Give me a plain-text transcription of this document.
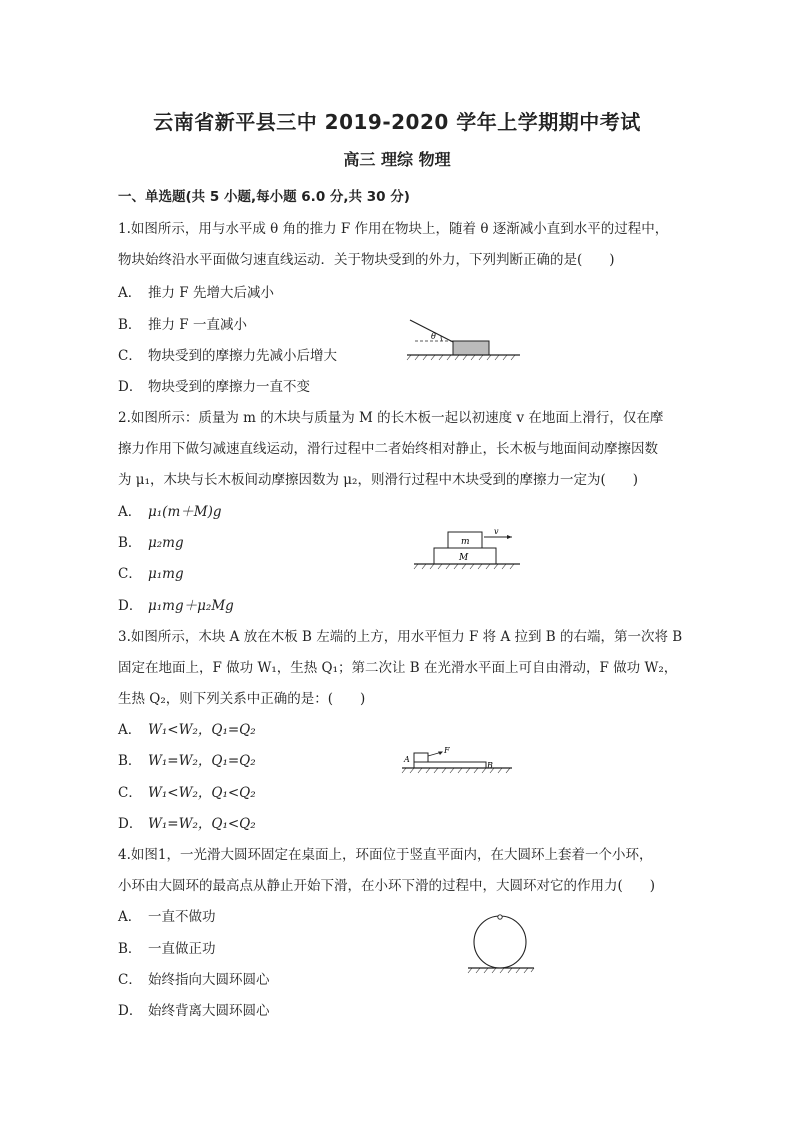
云南省新平县三中 2019-2020 学年上学期期中考试
高三 理综 物理
一、单选题(共 5 小题,每小题 6.0 分,共 30 分)
1.如图所示，用与水平成 θ 角的推力 F 作用在物块上，随着 θ 逐渐减小直到水平的过程中，
物块始终沿水平面做匀速直线运动．关于物块受到的外力，下列判断正确的是(　　)
A． 推力 F 先增大后减小
B． 推力 F 一直减小
C． 物块受到的摩擦力先减小后增大
D． 物块受到的摩擦力一直不变
θ
2.如图所示：质量为 m 的木块与质量为 M 的长木板一起以初速度 v 在地面上滑行，仅在摩
擦力作用下做匀减速直线运动，滑行过程中二者始终相对静止，长木板与地面间动摩擦因数
为 μ₁，木块与长木板间动摩擦因数为 μ₂，则滑行过程中木块受到的摩擦力一定为(　　)
A． μ₁(m＋M)g
B． μ₂mg
C． μ₁mg
D． μ₁mg＋μ₂Mg
m
M
v
3.如图所示，木块 A 放在木板 B 左端的上方，用水平恒力 F 将 A 拉到 B 的右端，第一次将 B
固定在地面上，F 做功 W₁，生热 Q₁；第二次让 B 在光滑水平面上可自由滑动，F 做功 W₂，
生热 Q₂，则下列关系中正确的是：(　　)
A． W₁<W₂，Q₁=Q₂
B． W₁=W₂，Q₁=Q₂
C． W₁<W₂，Q₁<Q₂
D． W₁=W₂，Q₁<Q₂
A
F
B
4.如图1，一光滑大圆环固定在桌面上，环面位于竖直平面内，在大圆环上套着一个小环，
小环由大圆环的最高点从静止开始下滑，在小环下滑的过程中，大圆环对它的作用力(　　)
A． 一直不做功
B． 一直做正功
C． 始终指向大圆环圆心
D． 始终背离大圆环圆心
